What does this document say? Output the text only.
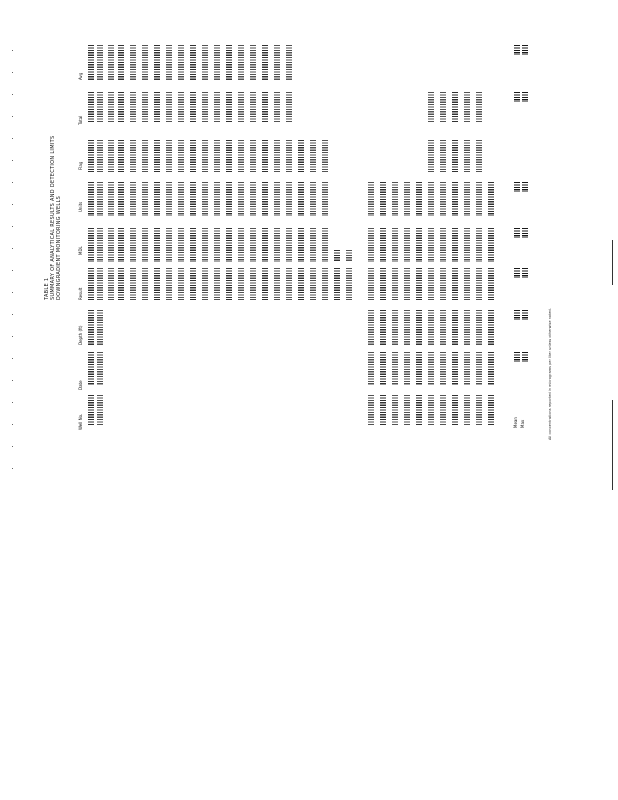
TABLE 1 SUMMARY OF ANALYTICAL RESULTS AND DETECTION LIMITS DOWNGRADIENT MONITORING WELLS
Well No.
Date
Depth (ft)
Result
MDL
Units
Flag
Total
Avg
All concentrations reported in micrograms per liter unless otherwise noted.
Mean Max
